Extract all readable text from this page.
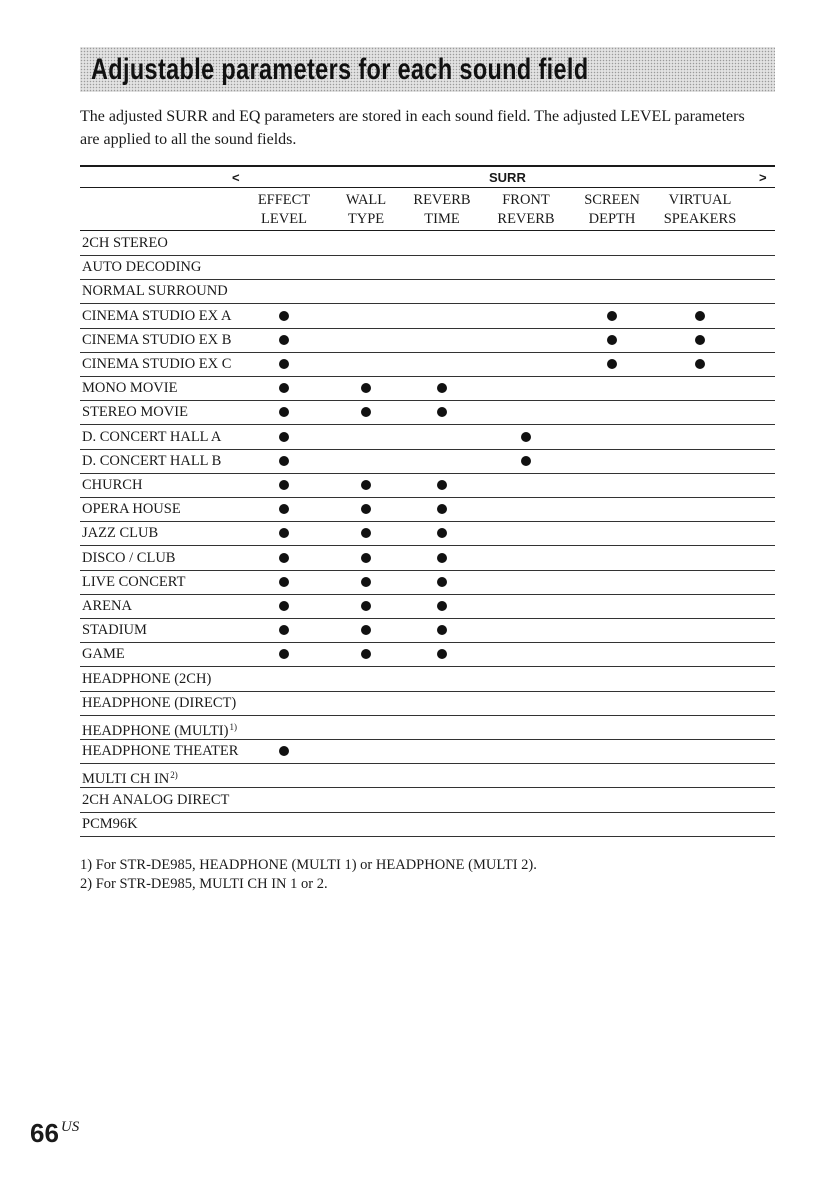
Adjustable parameters for each sound field

The adjusted SURR and EQ parameters are stored in each sound field. The adjusted LEVEL parameters are applied to all the sound fields.

<	SURR	>
EFFECT
LEVEL
WALL
TYPE
REVERB
TIME
FRONT
REVERB
SCREEN
DEPTH
VIRTUAL
SPEAKERS
2CH STEREO
AUTO DECODING
NORMAL SURROUND
CINEMA STUDIO EX A
CINEMA STUDIO EX B
CINEMA STUDIO EX C
MONO MOVIE
STEREO MOVIE
D. CONCERT HALL A
D. CONCERT HALL B
CHURCH
OPERA HOUSE
JAZZ CLUB
DISCO / CLUB
LIVE CONCERT
ARENA
STADIUM
GAME
HEADPHONE (2CH)
HEADPHONE (DIRECT)
HEADPHONE (MULTI)$^{1)}$
HEADPHONE THEATER
MULTI CH IN$^{2)}$
2CH ANALOG DIRECT
PCM96K
1) For STR-DE985, HEADPHONE (MULTI 1) or HEADPHONE (MULTI 2).
2) For STR-DE985, MULTI CH IN 1 or 2.
66 $^{US}$
